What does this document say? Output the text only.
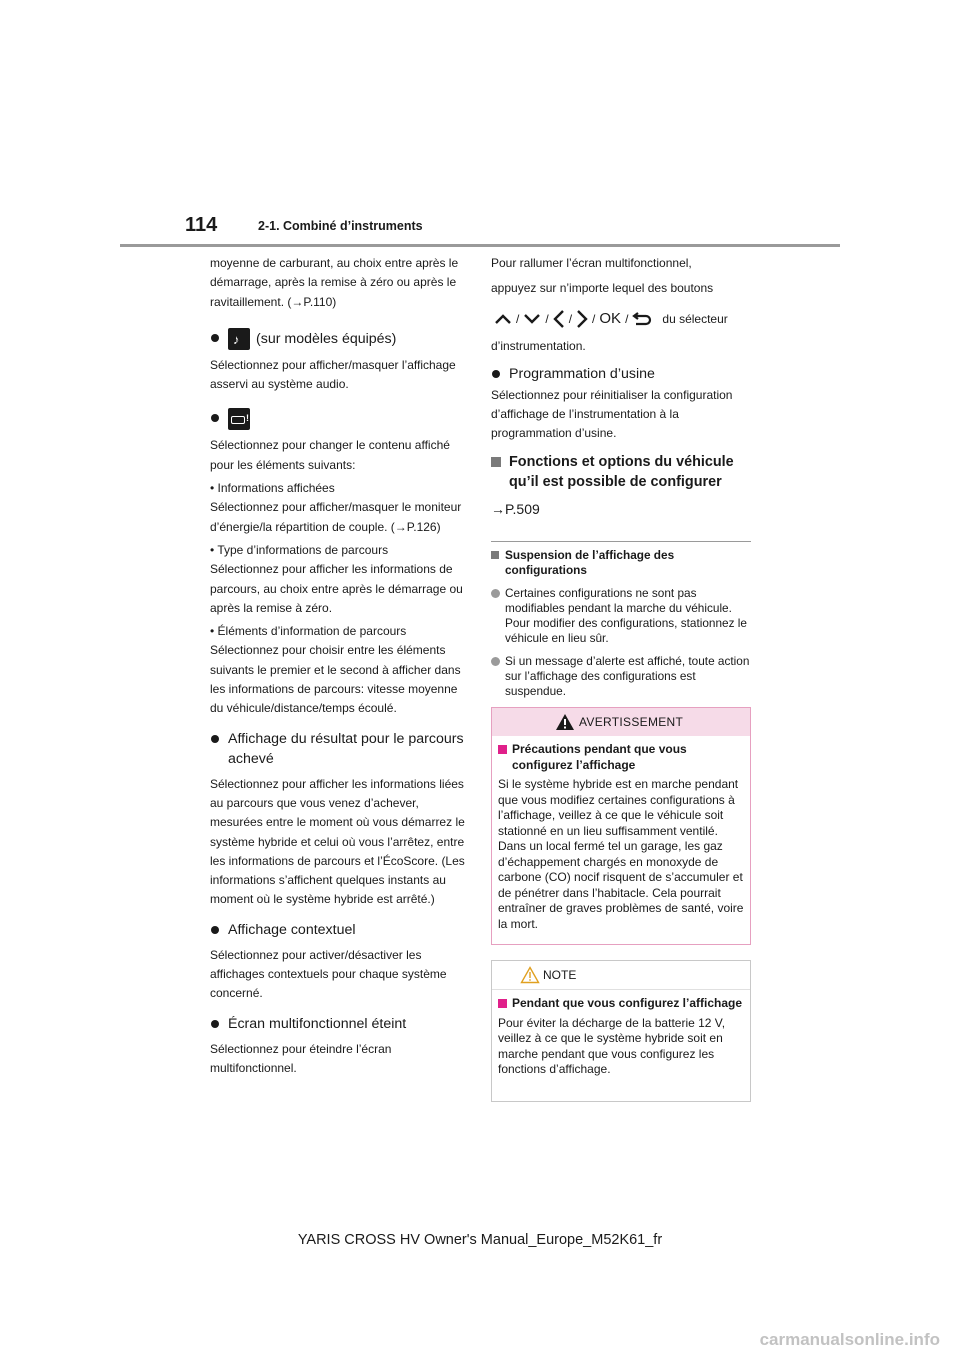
114	2-1. Combiné d’instruments

moyenne de carburant, au choix entre après le démarrage, après la remise à zéro ou après le ravitaillement. (→P.110)

♪ (sur modèles équipés)

Sélectionnez pour afficher/masquer l’affichage asservi au système audio.

!

Sélectionnez pour changer le contenu affiché pour les éléments suivants:

• Informations affichées

Sélectionnez pour afficher/masquer le moniteur d’énergie/la répartition de couple. (→P.126)

• Type d’informations de parcours

Sélectionnez pour afficher les informations de parcours, au choix entre après le démarrage ou après la remise à zéro.

• Éléments d’information de parcours

Sélectionnez pour choisir entre les éléments suivants le premier et le second à afficher dans les informations de parcours: vitesse moyenne du véhicule/distance/temps écoulé.

Affichage du résultat pour le parcours achevé

Sélectionnez pour afficher les informations liées au parcours que vous venez d’achever, mesurées entre le moment où vous démarrez le système hybride et celui où vous l’arrêtez, entre les informations de parcours et l’ÉcoScore. (Les informations s’affichent quelques instants au moment où le système hybride est arrêté.)

Affichage contextuel

Sélectionnez pour activer/désactiver les affichages contextuels pour chaque système concerné.

Écran multifonctionnel éteint

Sélectionnez pour éteindre l’écran multifonctionnel.

Pour rallumer l’écran multifonctionnel,

appuyez sur n’importe lequel des boutons

/ / / / OK /	du sélecteur

d’instrumentation.

Programmation d’usine

Sélectionnez pour réinitialiser la configuration d’affichage de l’instrumentation à la programmation d’usine.

Fonctions et options du véhicule qu’il est possible de configurer

→P.509

Suspension de l’affichage des configurations
Certaines configurations ne sont pas modifiables pendant la marche du véhicule. Pour modifier des configurations, stationnez le véhicule en lieu sûr.
Si un message d’alerte est affiché, toute action sur l’affichage des configurations est suspendue.
AVERTISSEMENT
Précautions pendant que vous configurez l’affichage
Si le système hybride est en marche pendant que vous modifiez certaines configurations à l’affichage, veillez à ce que le véhicule soit stationné en un lieu suffisamment ventilé. Dans un local fermé tel un garage, les gaz d’échappement chargés en monoxyde de carbone (CO) nocif risquent de s’accumuler et de pénétrer dans l’habitacle. Cela pourrait entraîner de graves problèmes de santé, voire la mort.
NOTE
Pendant que vous configurez l’affichage
Pour éviter la décharge de la batterie 12 V, veillez à ce que le système hybride soit en marche pendant que vous configurez les fonctions d’affichage.
YARIS CROSS HV Owner's Manual_Europe_M52K61_fr
carmanualsonline.info
